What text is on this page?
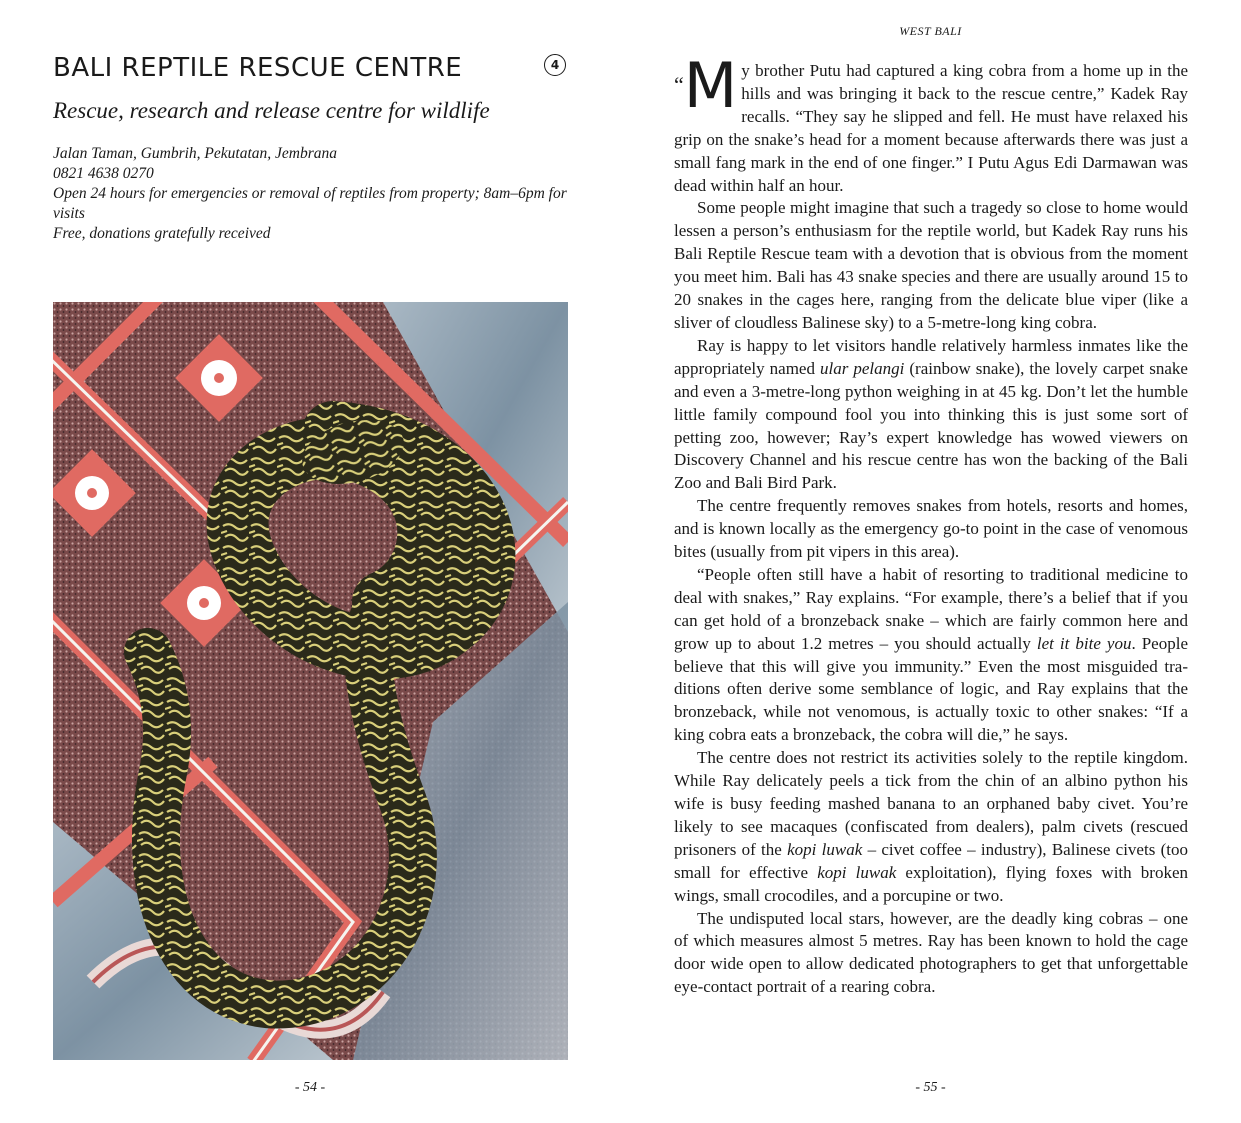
BALI REPTILE RESCUE CENTRE	4

Rescue, research and release centre for wildlife

Jalan Taman, Gumbrih, Pekutatan, Jembrana
0821 4638 0270
Open 24 hours for emergencies or removal of reptiles from property; 8am–6pm for visits
Free, donations gratefully received
- 54 -
WEST BALI

“ M y brother Putu had captured a king cobra from a home up in the hills and was bringing it back to the rescue centre,” Kadek Ray recalls. “They say he slipped and fell. He must have relaxed his grip on the snake’s head for a moment because afterwards there was just a small fang mark in the end of one finger.” I Putu Agus Edi Darmawan was dead within half an hour.

Some people might imagine that such a tragedy so close to home would lessen a person’s enthusiasm for the reptile world, but Kadek Ray runs his Bali Reptile Rescue team with a devotion that is obvious from the moment you meet him. Bali has 43 snake species and there are usually around 15 to 20 snakes in the cages here, ranging from the delicate blue viper (like a sliver of cloudless Balinese sky) to a 5-metre-long king cobra.

Ray is happy to let visitors handle relatively harmless inmates like the appropriately named ular pelangi (rainbow snake), the lovely carpet snake and even a 3-metre-long python weighing in at 45 kg. Don’t let the humble little family compound fool you into thinking this is just some sort of petting zoo, however; Ray’s expert knowledge has wowed viewers on Discovery Channel and his rescue centre has won the backing of the Bali Zoo and Bali Bird Park.

The centre frequently removes snakes from hotels, resorts and homes, and is known locally as the emergency go-to point in the case of venomous bites (usually from pit vipers in this area).

“People often still have a habit of resorting to traditional medicine to deal with snakes,” Ray explains. “For example, there’s a belief that if you can get hold of a bronzeback snake – which are fairly common here and grow up to about 1.2 metres – you should actually let it bite you. People believe that this will give you immunity.” Even the most misguided traditions often derive some semblance of logic, and Ray explains that the bronzeback, while not venomous, is actually toxic to other snakes: “If a king cobra eats a bronzeback, the cobra will die,” he says.

The centre does not restrict its activities solely to the reptile kingdom. While Ray delicately peels a tick from the chin of an albino python his wife is busy feeding mashed banana to an orphaned baby civet. You’re likely to see macaques (confiscated from dealers), palm civets (rescued prisoners of the kopi luwak – civet coffee – industry), Balinese civets (too small for effective kopi luwak exploitation), flying foxes with broken wings, small crocodiles, and a porcupine or two.

The undisputed local stars, however, are the deadly king cobras – one of which measures almost 5 metres. Ray has been known to hold the cage door wide open to allow dedicated photographers to get that unforgettable eye-contact portrait of a rearing cobra.

- 55 -
